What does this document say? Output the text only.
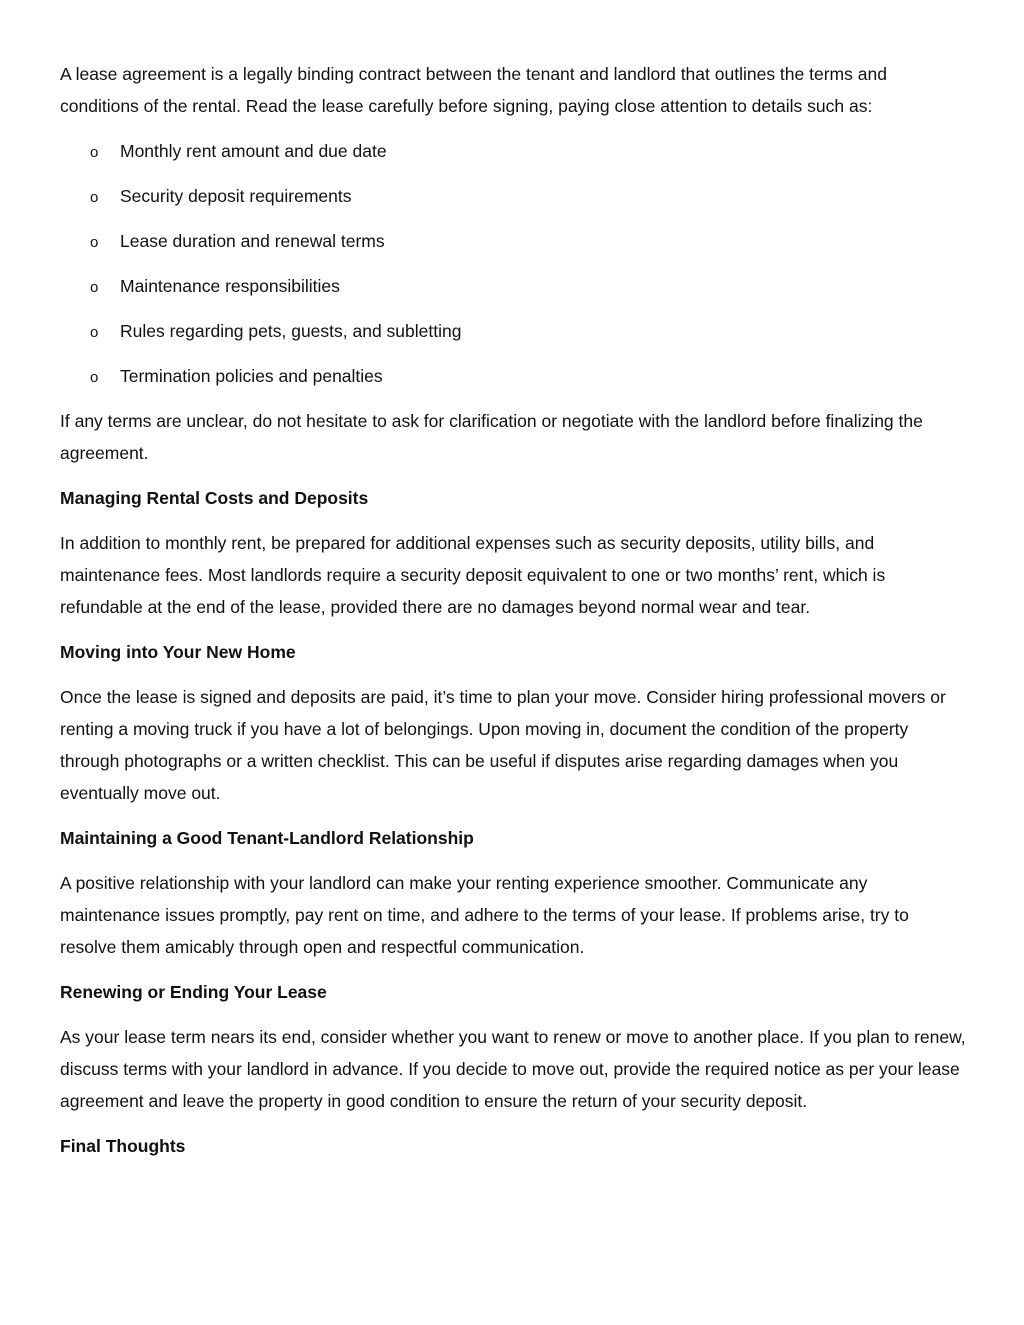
A lease agreement is a legally binding contract between the tenant and landlord that outlines the terms and conditions of the rental. Read the lease carefully before signing, paying close attention to details such as:

o Monthly rent amount and due date
o Security deposit requirements
o Lease duration and renewal terms
o Maintenance responsibilities
o Rules regarding pets, guests, and subletting
o Termination policies and penalties

If any terms are unclear, do not hesitate to ask for clarification or negotiate with the landlord before finalizing the agreement.

Managing Rental Costs and Deposits

In addition to monthly rent, be prepared for additional expenses such as security deposits, utility bills, and maintenance fees. Most landlords require a security deposit equivalent to one or two months’ rent, which is refundable at the end of the lease, provided there are no damages beyond normal wear and tear.

Moving into Your New Home

Once the lease is signed and deposits are paid, it’s time to plan your move. Consider hiring professional movers or renting a moving truck if you have a lot of belongings. Upon moving in, document the condition of the property through photographs or a written checklist. This can be useful if disputes arise regarding damages when you eventually move out.

Maintaining a Good Tenant-Landlord Relationship

A positive relationship with your landlord can make your renting experience smoother. Communicate any maintenance issues promptly, pay rent on time, and adhere to the terms of your lease. If problems arise, try to resolve them amicably through open and respectful communication.

Renewing or Ending Your Lease

As your lease term nears its end, consider whether you want to renew or move to another place. If you plan to renew, discuss terms with your landlord in advance. If you decide to move out, provide the required notice as per your lease agreement and leave the property in good condition to ensure the return of your security deposit.

Final Thoughts
